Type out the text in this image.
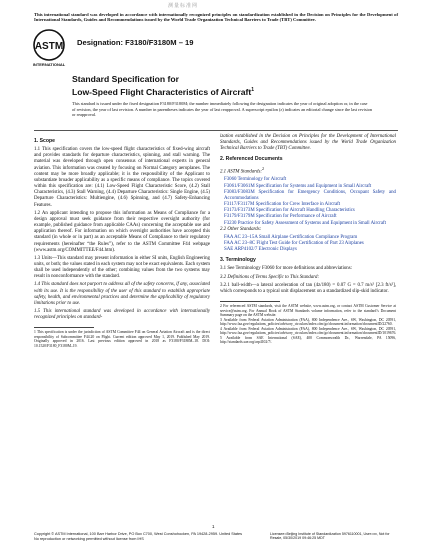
测量标准网
This international standard was developed in accordance with internationally recognized principles on standardization established in the Decision on Principles for the Development of International Standards, Guides and Recommendations issued by the World Trade Organization Technical Barriers to Trade (TBT) Committee.
ASTM
INTERNATIONAL
Designation: F3180/F3180M – 19
Standard Specification for
Low-Speed Flight Characteristics of Aircraft$^1$
This standard is issued under the fixed designation F3180/F3180M; the number immediately following the designation indicates the year of original adoption or, in the case of revision, the year of last revision. A number in parentheses indicates the year of last reapproval. A superscript epsilon (ε) indicates an editorial change since the last revision or reapproval.
1. Scope

1.1 This specification covers the low-speed flight characteristics of fixed-wing aircraft and provides standards for departure characteristics, spinning, and stall warning. The material was developed through open consensus of international experts in general aviation. This information was created by focusing on Normal Category aeroplanes. The content may be more broadly applicable; it is the responsibility of the Applicant to substantiate broader applicability as a specific means of compliance. The topics covered within this specification are: (4.1) Low-Speed Flight Characteristic Score, (4.2) Stall Characteristics, (4.3) Stall Warning, (4.4) Departure Characteristics: Single Engine, (4.5) Departure Characteristics: Multiengine, (4.6) Spinning, and (4.7) Safety-Enhancing Features.

1.2 An applicant intending to propose this information as Means of Compliance for a design approval must seek guidance from their respective oversight authority (for example, published guidance from applicable CAAs) concerning the acceptable use and application thereof. For information on which oversight authorities have accepted this standard (in whole or in part) as an acceptable Means of Compliance to their regulatory requirements (hereinafter “the Rules”), refer to the ASTM Committee F44 webpage (www.astm.org/COMMITTEE/F44.htm).

1.3 Units—This standard may present information in either SI units, English Engineering units, or both; the values stated in each system may not be exact equivalents. Each system shall be used independently of the other; combining values from the two systems may result in nonconformance with the standard.

1.4 This standard does not purport to address all of the safety concerns, if any, associated with its use. It is the responsibility of the user of this standard to establish appropriate safety, health, and environmental practices and determine the applicability of regulatory limitations prior to use.

1.5 This international standard was developed in accordance with internationally recognized principles on standard-

1 This specification is under the jurisdiction of ASTM Committee F44 on General Aviation Aircraft and is the direct responsibility of Subcommittee F44.20 on Flight. Current edition approved May 1, 2019. Published May 2019. Originally approved in 2016. Last previous edition approved in 2018 as F3180/F3180M–18. DOI: 10.1520/F3180_F3180M–19.

ization established in the Decision on Principles for the Development of International Standards, Guides and Recommendations issued by the World Trade Organization Technical Barriers to Trade (TBT) Committee.

2. Referenced Documents

2.1 ASTM Standards:$^2$

F3060 Terminology for Aircraft
F3061/F3061M Specification for Systems and Equipment in Small Aircraft
F3083/F3083M Specification for Emergency Conditions, Occupant Safety and Accommodations
F3117/F3117M Specification for Crew Interface in Aircraft
F3173/F3173M Specification for Aircraft Handling Characteristics
F3179/F3179M Specification for Performance of Aircraft
F3230 Practice for Safety Assessment of Systems and Equipment in Small Aircraft

2.2 Other Standards:

FAA AC 23–15A Small Airplane Certification Compliance Program
FAA AC 23–8C Flight Test Guide for Certification of Part 23 Airplanes
SAE ARP4102/7 Electronic Displays
3. Terminology

3.1 See Terminology F3060 for more definitions and abbreviations:

3.2 Definitions of Terms Specific to This Standard:

3.2.1 ball-width—a lateral acceleration of tan (4z/180) = 0.07 G = 0.7 m/s² [2.3 ft/s²], which corresponds to a typical unit displacement on a standardized slip-skid indicator.

2 For referenced ASTM standards, visit the ASTM website, www.astm.org, or contact ASTM Customer Service at service@astm.org. For Annual Book of ASTM Standards volume information, refer to the standard’s Document Summary page on the ASTM website.
3 Available from Federal Aviation Administration (FAA), 800 Independence Ave., SW, Washington, DC 20591, http://www.faa.gov/regulations_policies/advisory_circulars/index.cfm/go/document.information/documentID/22760.
4 Available from Federal Aviation Administration (FAA), 800 Independence Ave., SW, Washington, DC 20591, http://www.faa.gov/regulations_policies/advisory_circulars/index.cfm/go/document.information/documentID/1019676.
5 Available from SAE International (SAE), 400 Commonwealth Dr., Warrendale, PA 15096, http://standards.sae.org/arp4102/7/.
1
Copyright © ASTM International, 100 Barr Harbor Drive, PO Box C700, West Conshohocken, PA 19428-2959. United States
No reproduction or networking permitted without license from IHS
Licensee=Beijing Institute of Standardization 5976110001, User=xx, Not for Resale, 05/30/2019 09:46:25 MDT
